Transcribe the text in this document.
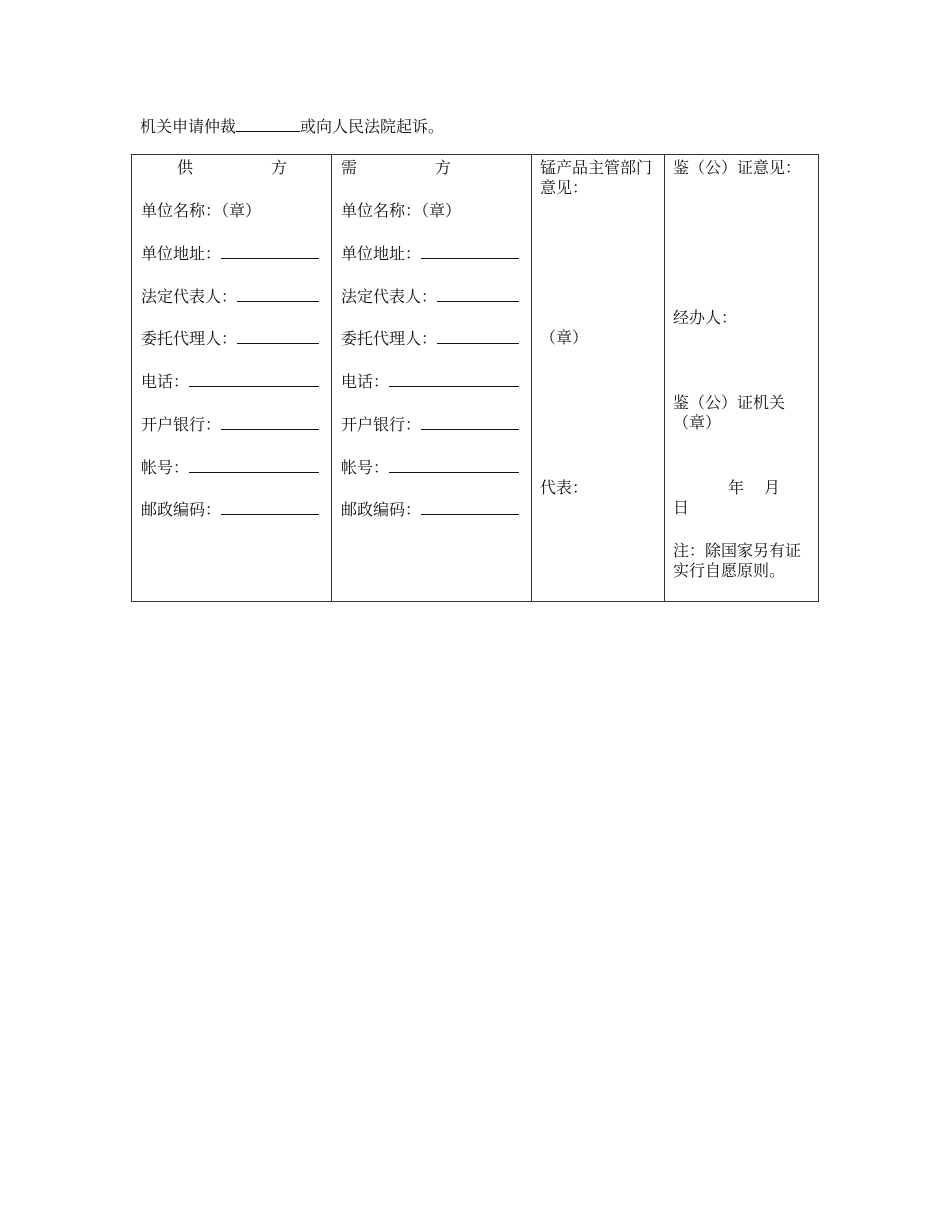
机关申请仲裁	或向人民法院起诉。
供	方
单位名称：（章）
单位地址：
法定代表人：
委托代理人：
电话：
开户银行：
帐号：
邮政编码：
需	方
单位名称：（章）
单位地址：
法定代表人：
委托代理人：
电话：
开户银行：
帐号：
邮政编码：
锰产品主管部门意见：
（章）
代表：
鉴（公）证意见：
经办人：
鉴（公）证机关（章）
年 月
日
注：除国家另有证实行自愿原则。
